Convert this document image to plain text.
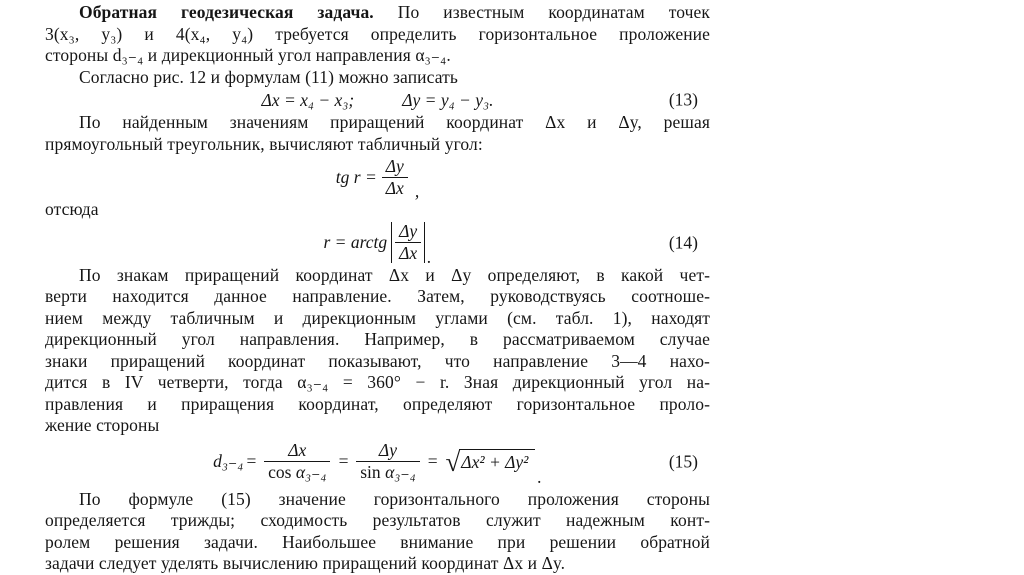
Обратная геодезическая задача. По известным координатам точек
3(x₃, y₃) и 4(x₄, y₄) требуется определить горизонтальное проложение
стороны d₃₋₄ и дирекционный угол направления α₃₋₄.
Согласно рис. 12 и формулам (11) можно записать
Δx = x₄ − x₃;	Δy = y₄ − y₃.	(13)
По найденным значениям приращений координат Δx и Δy, решая
прямоугольный треугольник, вычисляют табличный угол:
tg $r = \frac{\Delta y}{\Delta x}$ ,
отсюда
r = arctg $\frac{\Delta y}{\Delta x}$ .
(14)
По знакам приращений координат Δx и Δy определяют, в какой чет-
верти находится данное направление. Затем, руководствуясь соотноше-
нием между табличным и дирекционным углами (см. табл. 1), находят
дирекционный угол направления. Например, в рассматриваемом случае
знаки приращений координат показывают, что направление 3—4 нахо-
дится в IV четверти, тогда α₃₋₄ = 360° − r. Зная дирекционный угол на-
правления и приращения координат, определяют горизонтальное проло-
жение стороны
$d_{3-4} = \frac{\Delta x}{\text{cos α₃₋₄}} = \frac{\Delta y}{\text{sin α₃₋₄}}$ = √ Δx² + Δy²
.
(15)
По формуле (15) значение горизонтального проложения стороны
определяется трижды; сходимость результатов служит надежным конт-
ролем решения задачи. Наибольшее внимание при решении обратной
задачи следует уделять вычислению приращений координат Δx и Δy.
